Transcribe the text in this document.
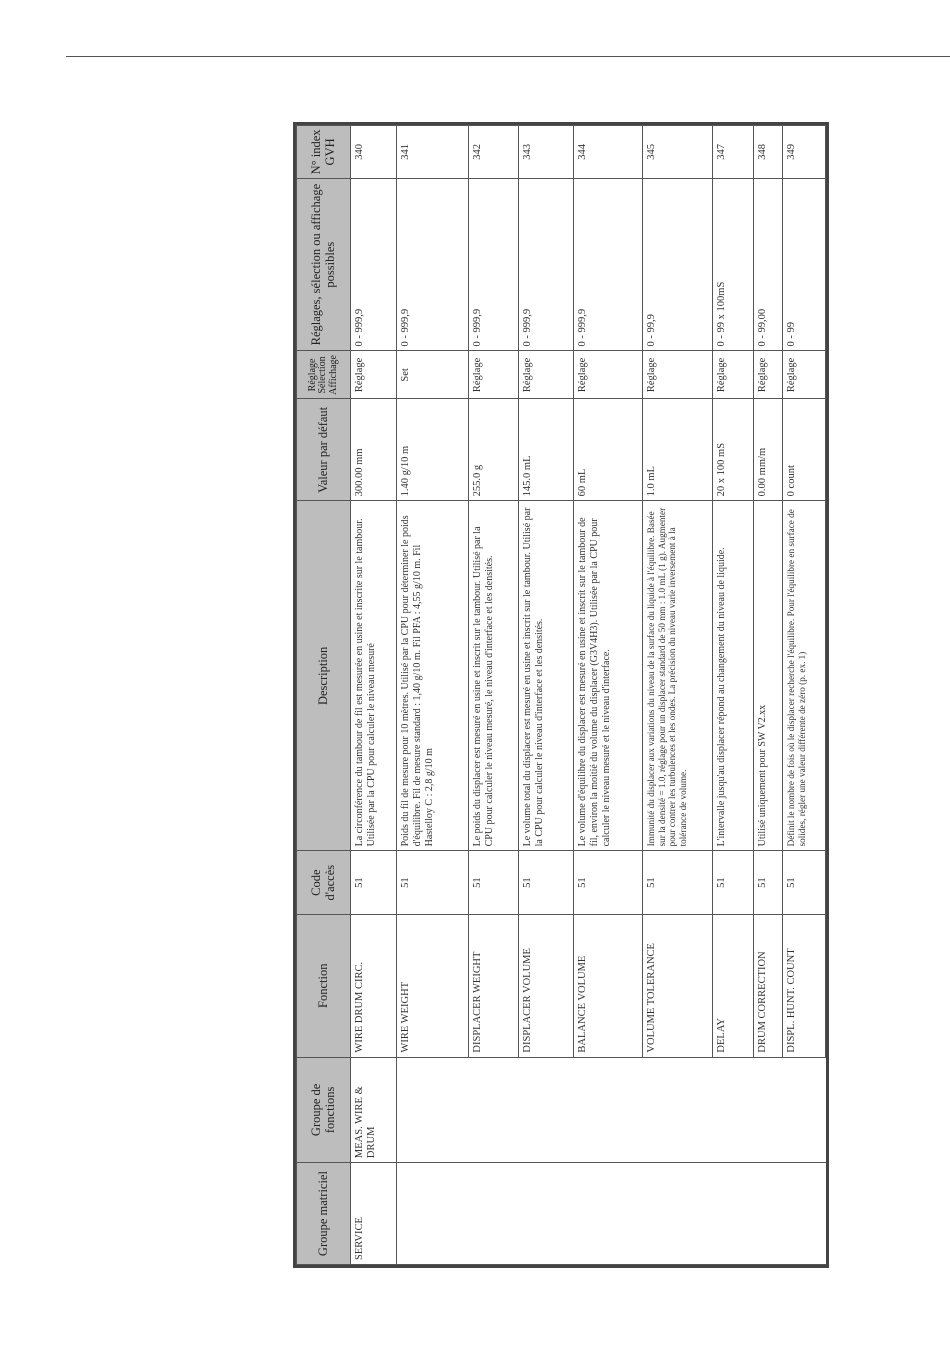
Groupe matriciel	Groupe de fonctions	Fonction	Code d'accès	Description	Valeur par défaut	Réglage Sélection Affichage	Réglages, sélection ou affichage possibles	N° index GVH
SERVICE	MEAS. WIRE & DRUM	WIRE DRUM CIRC.	51	La circonférence du tambour de fil est mesurée en usine et inscrite sur le tambour. Utilisée par la CPU pour calculer le niveau mesuré	300.00 mm	Réglage	0 - 999,9	340
		WIRE WEIGHT	51	Poids du fil de mesure pour 10 mètres. Utilisé par la CPU pour déterminer le poids d'équilibre. Fil de mesure standard : 1,40 g/10 m. Fil PFA : 4,55 g/10 m. Fil Hastelloy C : 2,8 g/10 m	1.40 g/10 m	Set	0 - 999,9	341
		DISPLACER WEIGHT	51	Le poids du displacer est mesuré en usine et inscrit sur le tambour. Utilisé par la CPU pour calculer le niveau mesuré, le niveau d'interface et les densités.	255.0 g	Réglage	0 - 999,9	342
		DISPLACER VOLUME	51	Le volume total du displacer est mesuré en usine et inscrit sur le tambour. Utilisé par la CPU pour calculer le niveau d'interface et les densités.	145.0 mL	Réglage	0 - 999,9	343
		BALANCE VOLUME	51	Le volume d'équilibre du displacer est mesuré en usine et inscrit sur le tambour de fil, environ la moitié du volume du displacer (G3V4H3). Utilisée par la CPU pour calculer le niveau mesuré et le niveau d'interface.	60 mL	Réglage	0 - 999,9	344
		VOLUME TOLERANCE	51	Immunité du displacer aux variations du niveau de la surface du liquide à l'équilibre. Basée sur la densité = 1.0, réglage pour un displacer standard de 50 mm : 1.0 mL (1 g). Augmenter pour contrer les turbulences et les ondes. La précision du niveau varie inversement à la tolérance de volume.	1.0 mL	Réglage	0 - 99,9	345
		DELAY	51	L'intervalle jusqu'au displacer répond au changement du niveau de liquide.	20 x 100 mS	Réglage	0 - 99 x 100mS	347
		DRUM CORRECTION	51	Utilisé uniquement pour SW V2.xx	0.00 mm/m	Réglage	0 - 99,00	348
		DISPL. HUNT. COUNT	51	Définit le nombre de fois où le displacer recherche l'équilibre. Pour l'équilibre en surface de solides, régler une valeur différente de zéro (p. ex. 1)	0 count	Réglage	0 - 99	349
